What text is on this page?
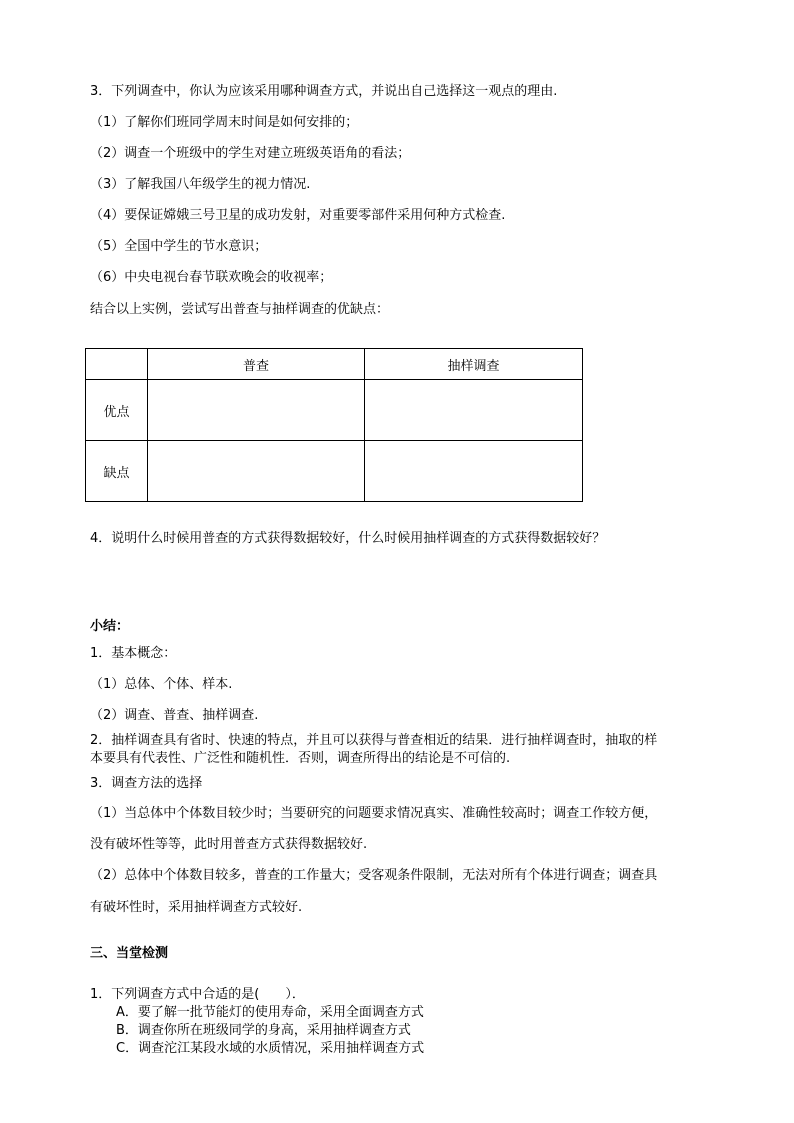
3．下列调查中，你认为应该采用哪种调查方式，并说出自己选择这一观点的理由.
（1）了解你们班同学周末时间是如何安排的；
（2）调查一个班级中的学生对建立班级英语角的看法；
（3）了解我国八年级学生的视力情况.
（4）要保证嫦娥三号卫星的成功发射，对重要零部件采用何种方式检查.
（5）全国中学生的节水意识；
（6）中央电视台春节联欢晚会的收视率；
结合以上实例，尝试写出普查与抽样调查的优缺点：
	普查	抽样调查
优点		
缺点		
4．说明什么时候用普查的方式获得数据较好，什么时候用抽样调查的方式获得数据较好？
小结：
1．基本概念：
（1）总体、个体、样本.
（2）调查、普查、抽样调查.
2．抽样调查具有省时、快速的特点，并且可以获得与普查相近的结果．进行抽样调查时，抽取的样
本要具有代表性、广泛性和随机性．否则，调查所得出的结论是不可信的.
3．调查方法的选择
（1）当总体中个体数目较少时；当要研究的问题要求情况真实、准确性较高时；调查工作较方便，
没有破坏性等等，此时用普查方式获得数据较好.
（2）总体中个体数目较多，普查的工作量大；受客观条件限制，无法对所有个体进行调查；调查具
有破坏性时，采用抽样调查方式较好.
三、当堂检测
1．下列调查方式中合适的是(　　）．
A．要了解一批节能灯的使用寿命，采用全面调查方式
B．调查你所在班级同学的身高，采用抽样调查方式
C．调查沱江某段水域的水质情况，采用抽样调查方式
